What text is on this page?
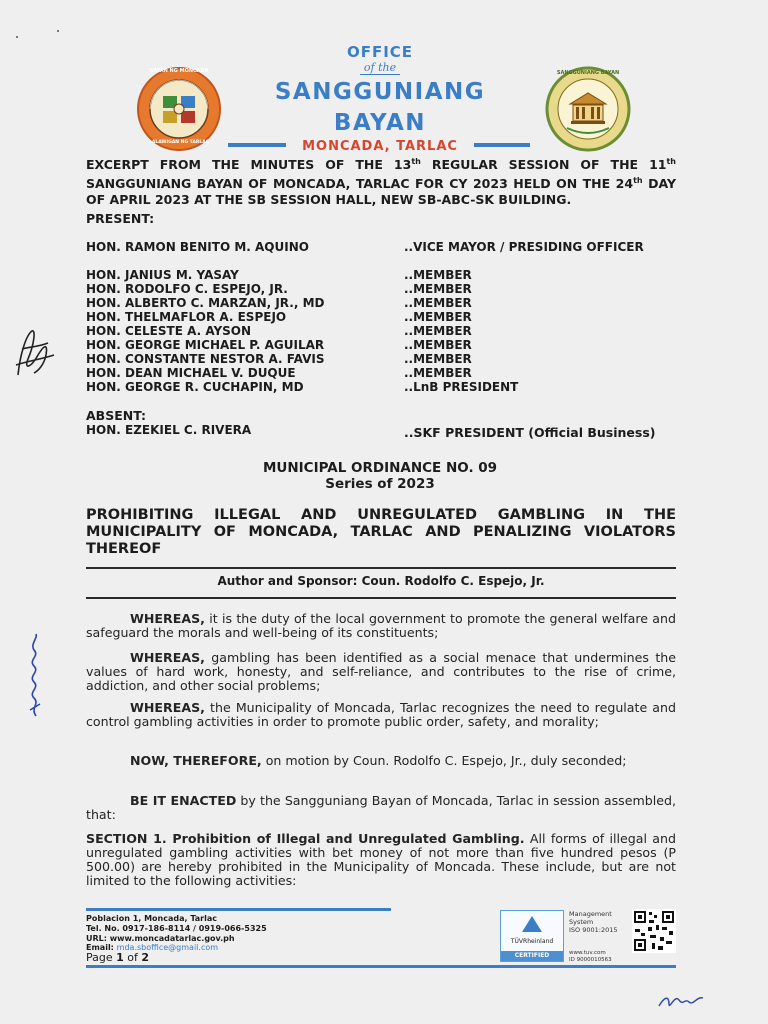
BAYAN NG MONCADA
LALAWIGAN NG TARLAC
OFFICE
of the
SANGGUNIANG
BAYAN
SANGGUNIANG BAYAN
MONCADA, TARLAC
EXCERPT FROM THE MINUTES OF THE 13th REGULAR SESSION OF THE 11th SANGGUNIANG BAYAN OF MONCADA, TARLAC FOR CY 2023 HELD ON THE 24th DAY OF APRIL 2023 AT THE SB SESSION HALL, NEW SB-ABC-SK BUILDING.
PRESENT:
HON. RAMON BENITO M. AQUINO	..VICE MAYOR / PRESIDING OFFICER
HON. JANIUS M. YASAY	..MEMBER
HON. RODOLFO C. ESPEJO, JR.	..MEMBER
HON. ALBERTO C. MARZAN, JR., MD	..MEMBER
HON. THELMAFLOR A. ESPEJO	..MEMBER
HON. CELESTE A. AYSON	..MEMBER
HON. GEORGE MICHAEL P. AGUILAR	..MEMBER
HON. CONSTANTE NESTOR A. FAVIS	..MEMBER
HON. DEAN MICHAEL V. DUQUE	..MEMBER
HON. GEORGE R. CUCHAPIN, MD	..LnB PRESIDENT
ABSENT:
HON. EZEKIEL C. RIVERA	..SKF PRESIDENT (Official Business)
MUNICIPAL ORDINANCE NO. 09
Series of 2023
PROHIBITING ILLEGAL AND UNREGULATED GAMBLING IN THE MUNICIPALITY OF MONCADA, TARLAC AND PENALIZING VIOLATORS THEREOF
Author and Sponsor: Coun. Rodolfo C. Espejo, Jr.
WHEREAS, it is the duty of the local government to promote the general welfare and safeguard the morals and well-being of its constituents;
WHEREAS, gambling has been identified as a social menace that undermines the values of hard work, honesty, and self-reliance, and contributes to the rise of crime, addiction, and other social problems;
WHEREAS, the Municipality of Moncada, Tarlac recognizes the need to regulate and control gambling activities in order to promote public order, safety, and morality;
NOW, THEREFORE, on motion by Coun. Rodolfo C. Espejo, Jr., duly seconded;
BE IT ENACTED by the Sangguniang Bayan of Moncada, Tarlac in session assembled, that:
SECTION 1. Prohibition of Illegal and Unregulated Gambling. All forms of illegal and unregulated gambling activities with bet money of not more than five hundred pesos (P 500.00) are hereby prohibited in the Municipality of Moncada. These include, but are not limited to the following activities:
Poblacion 1, Moncada, Tarlac
Tel. No. 0917-186-8114 / 0919-066-5325
URL: www.moncadatarlac.gov.ph
Email: mda.sboffice@gmail.com
Page 1 of 2
TÜVRheinland
CERTIFIED
Management
System
ISO 9001:2015
www.tuv.com
ID 9000010563
